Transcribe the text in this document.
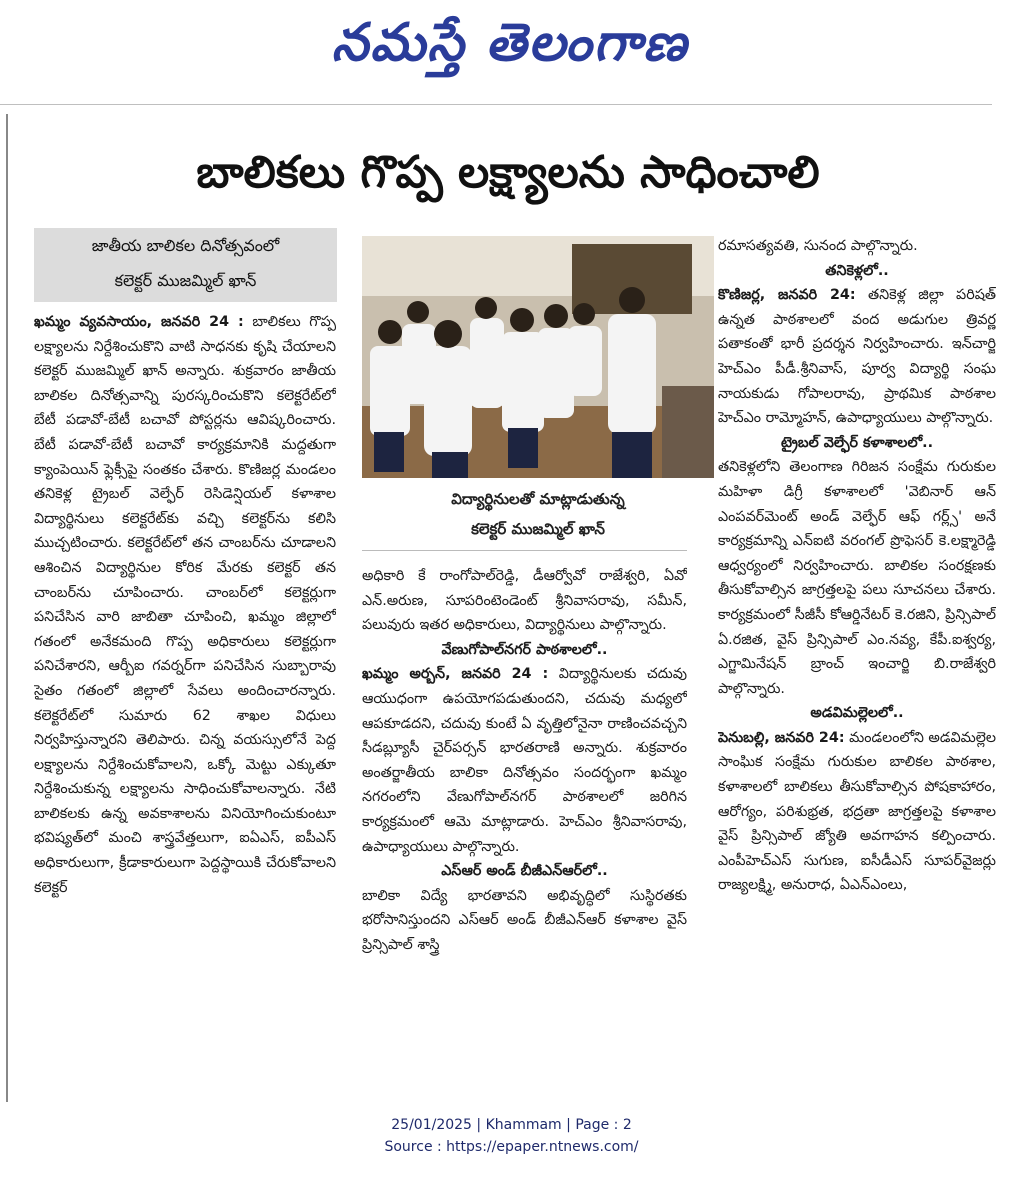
నమస్తే తెలంగాణ
బాలికలు గొప్ప లక్ష్యాలను సాధించాలి
జాతీయ బాలికల దినోత్సవంలో
కలెక్టర్ ముజమ్మిల్ ఖాన్

ఖమ్మం వ్యవసాయం, జనవరి 24 : బాలికలు గొప్ప లక్ష్యాలను నిర్దేశించుకొని వాటి సాధనకు కృషి చేయాలని కలెక్టర్ ముజమ్మిల్ ఖాన్ అన్నారు. శుక్రవారం జాతీయ బాలికల దినోత్సవాన్ని పురస్కరించుకొని కలెక్టరేట్‌లో బేటీ పడావో-బేటీ బచావో పోస్టర్లను ఆవిష్కరించారు. బేటీ పడావో-బేటీ బచావో కార్యక్రమానికి మద్దతుగా క్యాంపెయిన్ ఫ్లెక్సీపై సంతకం చేశారు. కొణిజర్ల మండలం తనికెళ్ల ట్రైబల్ వెల్ఫేర్ రెసిడెన్షియల్ కళాశాల విద్యార్థినులు కలెక్టరేట్‌కు వచ్చి కలెక్టర్‌ను కలిసి ముచ్చటించారు. కలెక్టరేట్‌లో తన చాంబర్‌ను చూడాలని ఆశించిన విద్యార్థినుల కోరిక మేరకు కలెక్టర్ తన చాంబర్‌ను చూపించారు. చాంబర్‌లో కలెక్టర్లుగా పనిచేసిన వారి జాబితా చూపించి, ఖమ్మం జిల్లాలో గతంలో అనేకమంది గొప్ప అధికారులు కలెక్టర్లుగా పనిచేశారని, ఆర్బీఐ గవర్నర్‌గా పనిచేసిన సుబ్బారావు సైతం గతంలో జిల్లాలో సేవలు అందించారన్నారు. కలెక్టరేట్‌లో సుమారు 62 శాఖల విధులు నిర్వహిస్తున్నారని తెలిపారు. చిన్న వయస్సులోనే పెద్ద లక్ష్యాలను నిర్దేశించుకోవాలని, ఒక్కో మెట్టు ఎక్కుతూ నిర్దేశించుకున్న లక్ష్యాలను సాధించుకోవాలన్నారు. నేటి బాలికలకు ఉన్న అవకాశాలను వినియోగించుకుంటూ భవిష్యత్‌లో మంచి శాస్త్రవేత్తలుగా, ఐఏఎస్, ఐపీఎస్ అధికారులుగా, క్రీడాకారులుగా పెద్దస్థాయికి చేరుకోవాలని కలెక్టర్

విద్యార్థినులతో మాట్లాడుతున్న
కలెక్టర్ ముజమ్మిల్ ఖాన్

అధికారి కే రాంగోపాల్‌రెడ్డి, డీఆర్వోవో రాజేశ్వరి, ఏవో ఎన్.అరుణ, సూపరింటెండెంట్ శ్రీనివాసరావు, సమీన్, పలువురు ఇతర అధికారులు, విద్యార్థినులు పాల్గొన్నారు.

వేణుగోపాల్‌నగర్ పాఠశాలలో..

ఖమ్మం అర్బన్, జనవరి 24 : విద్యార్థినులకు చదువు ఆయుధంగా ఉపయోగపడుతుందని, చదువు మధ్యలో ఆపకూడదని, చదువు కుంటే ఏ వృత్తిలోనైనా రాణించవచ్చని సీడబ్ల్యూసీ చైర్‌పర్సన్ భారతరాణి అన్నారు. శుక్రవారం అంతర్జాతీయ బాలికా దినోత్సవం సందర్భంగా ఖమ్మం నగరంలోని వేణుగోపాల్‌నగర్ పాఠశాలలో జరిగిన కార్యక్రమంలో ఆమె మాట్లాడారు. హెచ్‌ఎం శ్రీనివాసరావు, ఉపాధ్యాయులు పాల్గొన్నారు.

ఎస్‌ఆర్ అండ్ బీజీఎన్‌ఆర్‌లో..

బాలికా విద్యే భారతావని అభివృద్ధిలో సుస్థిరతకు భరోసానిస్తుందని ఎస్‌ఆర్ అండ్ బీజీఎన్‌ఆర్ కళాశాల వైస్ ప్రిన్సిపాల్ శాస్త్రి

రమాసత్యవతి, సునంద పాల్గొన్నారు.

తనికెళ్లలో..

కొణిజర్ల, జనవరి 24: తనికెళ్ల జిల్లా పరిషత్ ఉన్నత పాఠశాలలో వంద అడుగుల త్రివర్ణ పతాకంతో భారీ ప్రదర్శన నిర్వహించారు. ఇన్‌చార్జి హెచ్‌ఎం పీడీ.శ్రీనివాస్, పూర్వ విద్యార్థి సంఘ నాయకుడు గోపాలరావు, ప్రాథమిక పాఠశాల హెచ్‌ఎం రామ్మోహన్, ఉపాధ్యాయులు పాల్గొన్నారు.

ట్రైబల్ వెల్ఫేర్ కళాశాలలో..

తనికెళ్లలోని తెలంగాణ గిరిజన సంక్షేమ గురుకుల మహిళా డిగ్రీ కళాశాలలో 'వెబినార్ ఆన్ ఎంపవర్‌మెంట్ అండ్ వెల్ఫేర్ ఆఫ్ గర్ల్స్' అనే కార్యక్రమాన్ని ఎన్ఐటి వరంగల్ ప్రొఫెసర్ కె.లక్ష్మారెడ్డి ఆధ్వర్యంలో నిర్వహించారు. బాలికల సంరక్షణకు తీసుకోవాల్సిన జాగ్రత్తలపై పలు సూచనలు చేశారు. కార్యక్రమంలో సీజీసీ కోఆర్డినేటర్ కె.రజిని, ప్రిన్సిపాల్ ఏ.రజిత, వైస్ ప్రిన్సిపాల్ ఎం.నవ్య, కేపీ.ఐశ్వర్య, ఎగ్జామినేషన్ బ్రాంచ్ ఇంచార్జి బి.రాజేశ్వరి పాల్గొన్నారు.

అడవిమల్లెలలో..

పెనుబల్లి, జనవరి 24: మండలంలోని అడవిమల్లెల సాంఘిక సంక్షేమ గురుకుల బాలికల పాఠశాల, కళాశాలలో బాలికలు తీసుకోవాల్సిన పోషకాహారం, ఆరోగ్యం, పరిశుభ్రత, భద్రతా జాగ్రత్తలపై కళాశాల వైస్ ప్రిన్సిపాల్ జ్యోతి అవగాహన కల్పించారు. ఎంపీహెచ్‌ఎస్ సుగుణ, ఐసీడీఎస్ సూపర్‌వైజర్లు రాజ్యలక్ష్మి, అనురాధ, ఏఎన్‌ఎంలు,

25/01/2025 | Khammam | Page : 2
Source : https://epaper.ntnews.com/
